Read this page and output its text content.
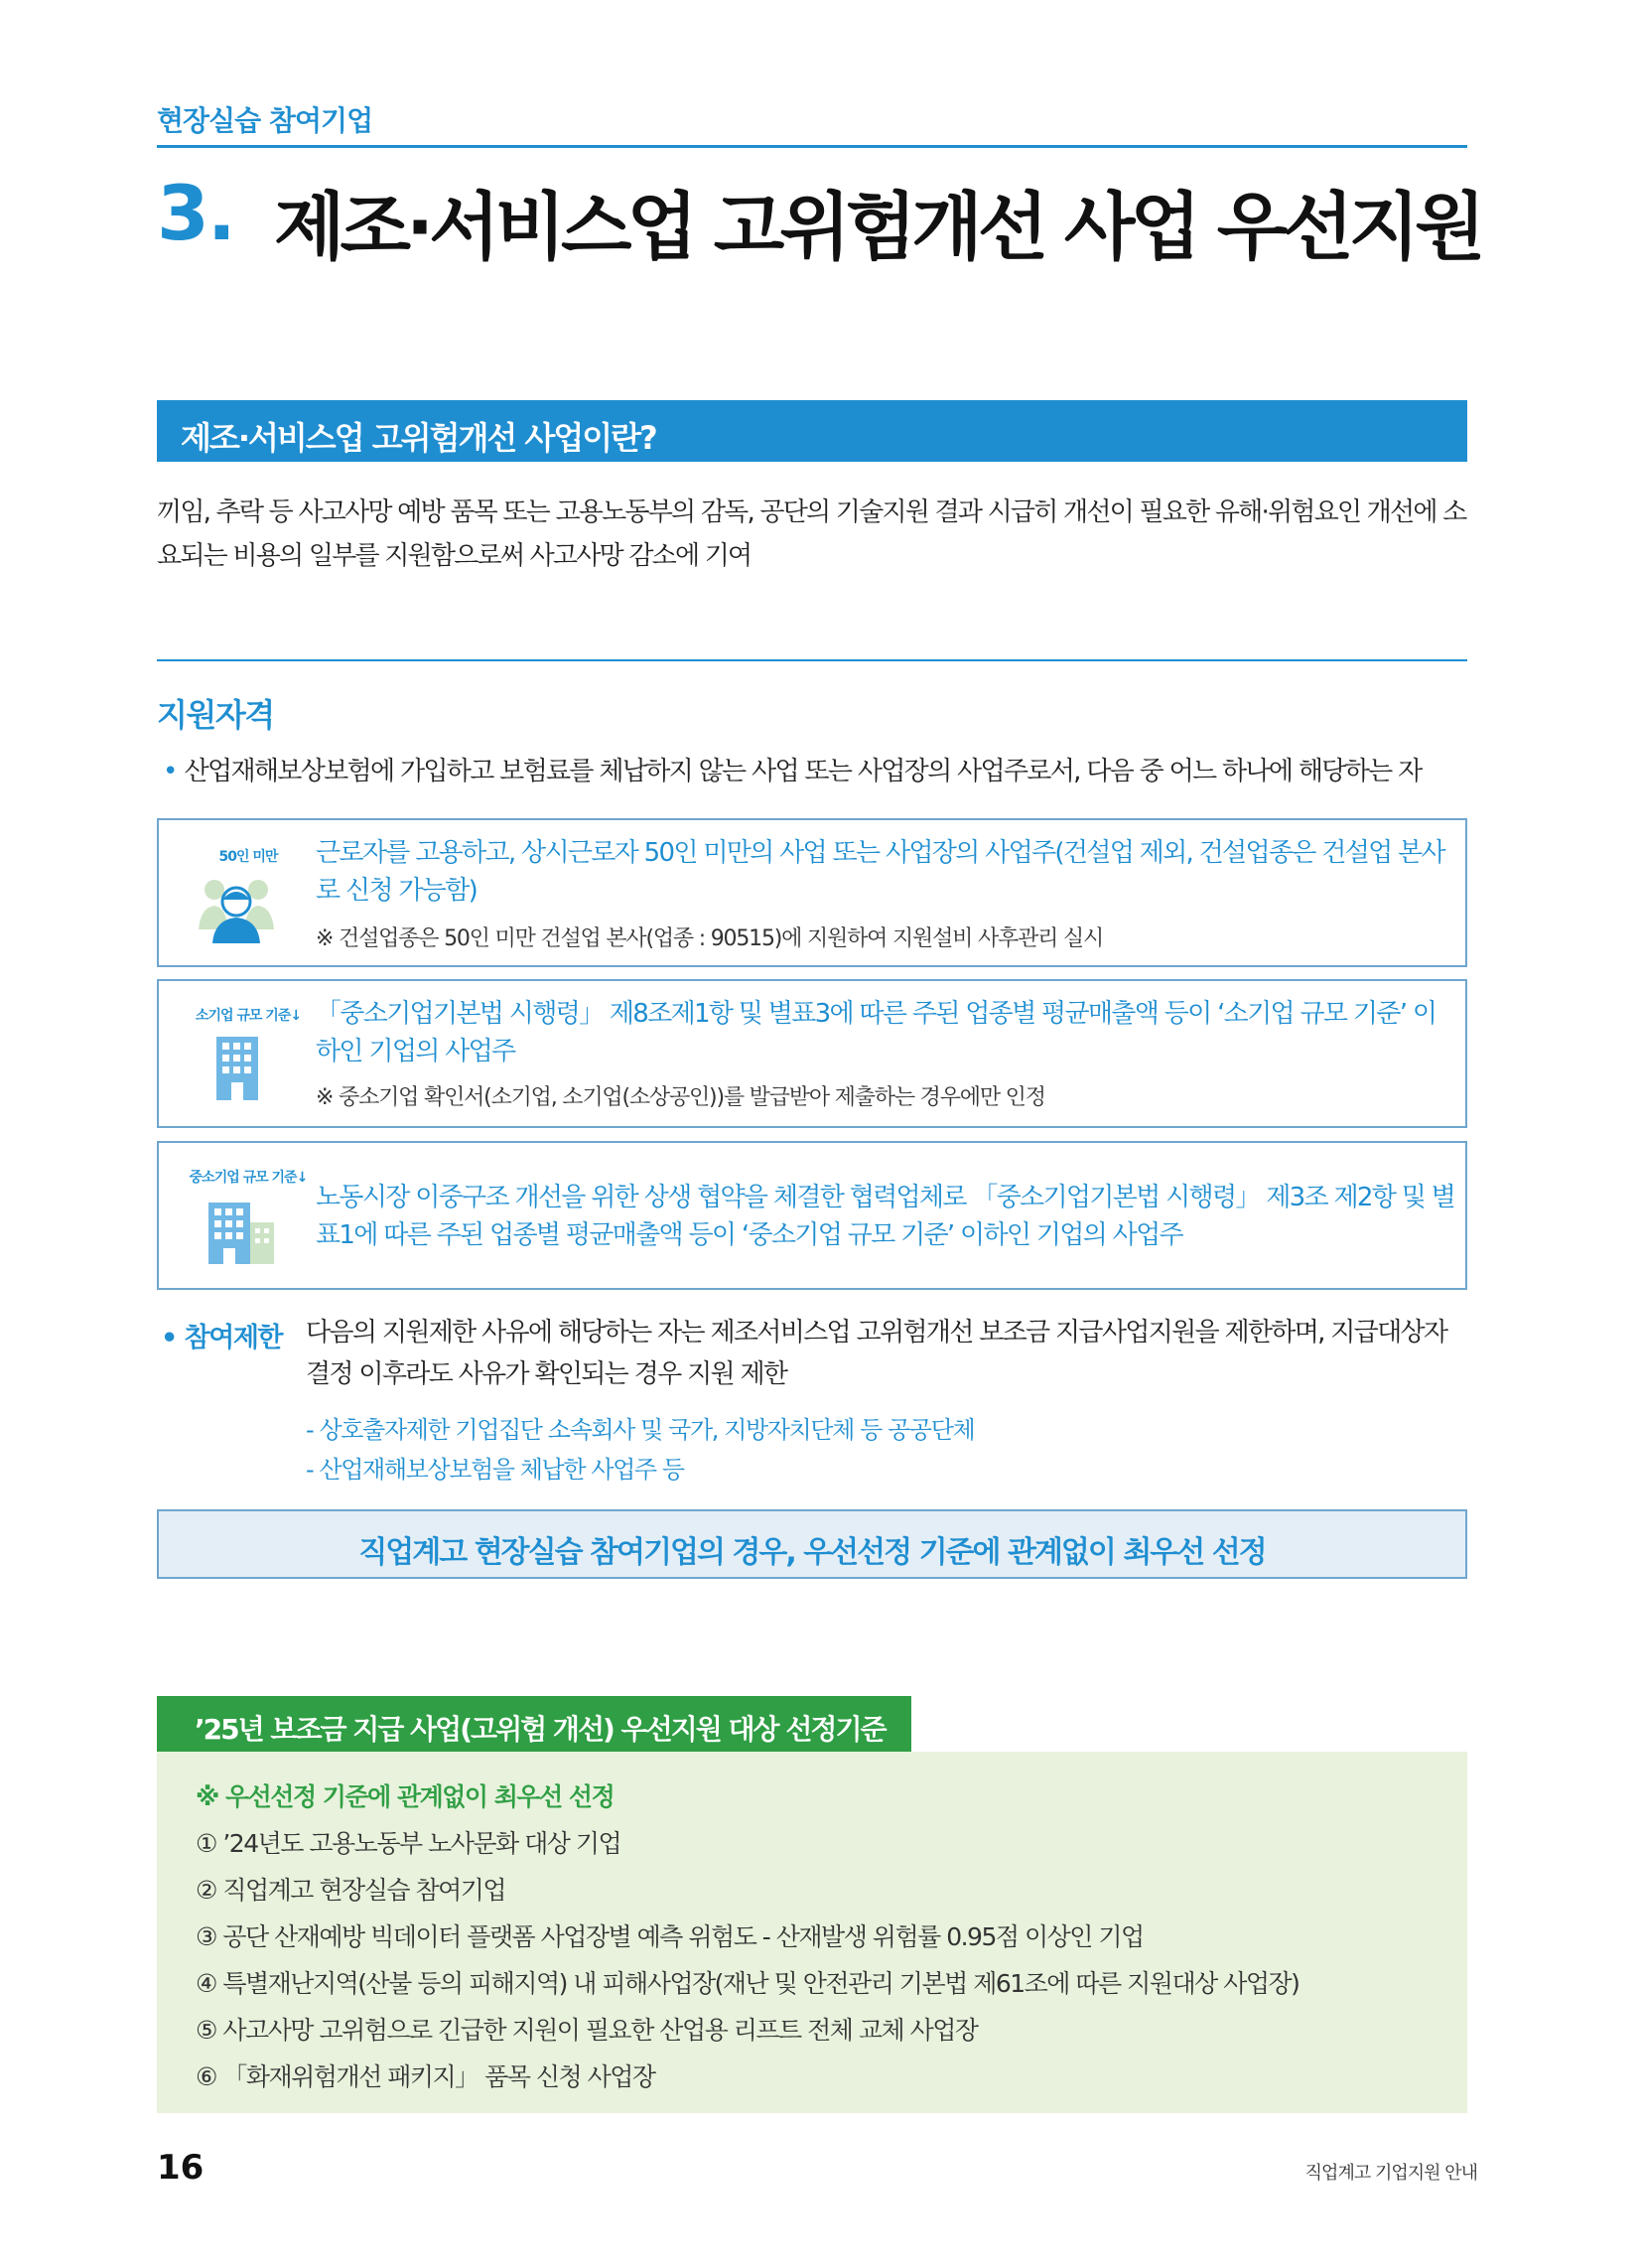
현장실습 참여기업
3. 제조·서비스업 고위험개선 사업 우선지원
제조·서비스업 고위험개선 사업이란?
끼임, 추락 등 사고사망 예방 품목 또는 고용노동부의 감독, 공단의 기술지원 결과 시급히 개선이 필요한 유해·위험요인 개선에 소요되는 비용의 일부를 지원함으로써 사고사망 감소에 기여
지원자격
• 산업재해보상보험에 가입하고 보험료를 체납하지 않는 사업 또는 사업장의 사업주로서, 다음 중 어느 하나에 해당하는 자
50인 미만	근로자를 고용하고, 상시근로자 50인 미만의 사업 또는 사업장의 사업주(건설업 제외, 건설업종은 건설업 본사로 신청 가능함)
※ 건설업종은 50인 미만 건설업 본사(업종 : 90515)에 지원하여 지원설비 사후관리 실시
소기업 규모 기준↓ 「중소기업기본법 시행령」 제8조제1항 및 별표3에 따른 주된 업종별 평균매출액 등이 ‘소기업 규모 기준’ 이하인 기업의 사업주
※ 중소기업 확인서(소기업, 소기업(소상공인))를 발급받아 제출하는 경우에만 인정
중소기업 규모 기준↓
노동시장 이중구조 개선을 위한 상생 협약을 체결한 협력업체로 「중소기업기본법 시행령」 제3조 제2항 및 별표1에 따른 주된 업종별 평균매출액 등이 ‘중소기업 규모 기준’ 이하인 기업의 사업주
• 참여제한 다음의 지원제한 사유에 해당하는 자는 제조서비스업 고위험개선 보조금 지급사업지원을 제한하며, 지급대상자 결정 이후라도 사유가 확인되는 경우 지원 제한
- 상호출자제한 기업집단 소속회사 및 국가, 지방자치단체 등 공공단체
- 산업재해보상보험을 체납한 사업주 등
직업계고 현장실습 참여기업의 경우, 우선선정 기준에 관계없이 최우선 선정
’25년 보조금 지급 사업(고위험 개선) 우선지원 대상 선정기준
※ 우선선정 기준에 관계없이 최우선 선정
① ’24년도 고용노동부 노사문화 대상 기업
② 직업계고 현장실습 참여기업
③ 공단 산재예방 빅데이터 플랫폼 사업장별 예측 위험도 - 산재발생 위험률 0.95점 이상인 기업
④ 특별재난지역(산불 등의 피해지역) 내 피해사업장(재난 및 안전관리 기본법 제61조에 따른 지원대상 사업장)
⑤ 사고사망 고위험으로 긴급한 지원이 필요한 산업용 리프트 전체 교체 사업장
⑥ 「화재위험개선 패키지」 품목 신청 사업장
16	직업계고 기업지원 안내
